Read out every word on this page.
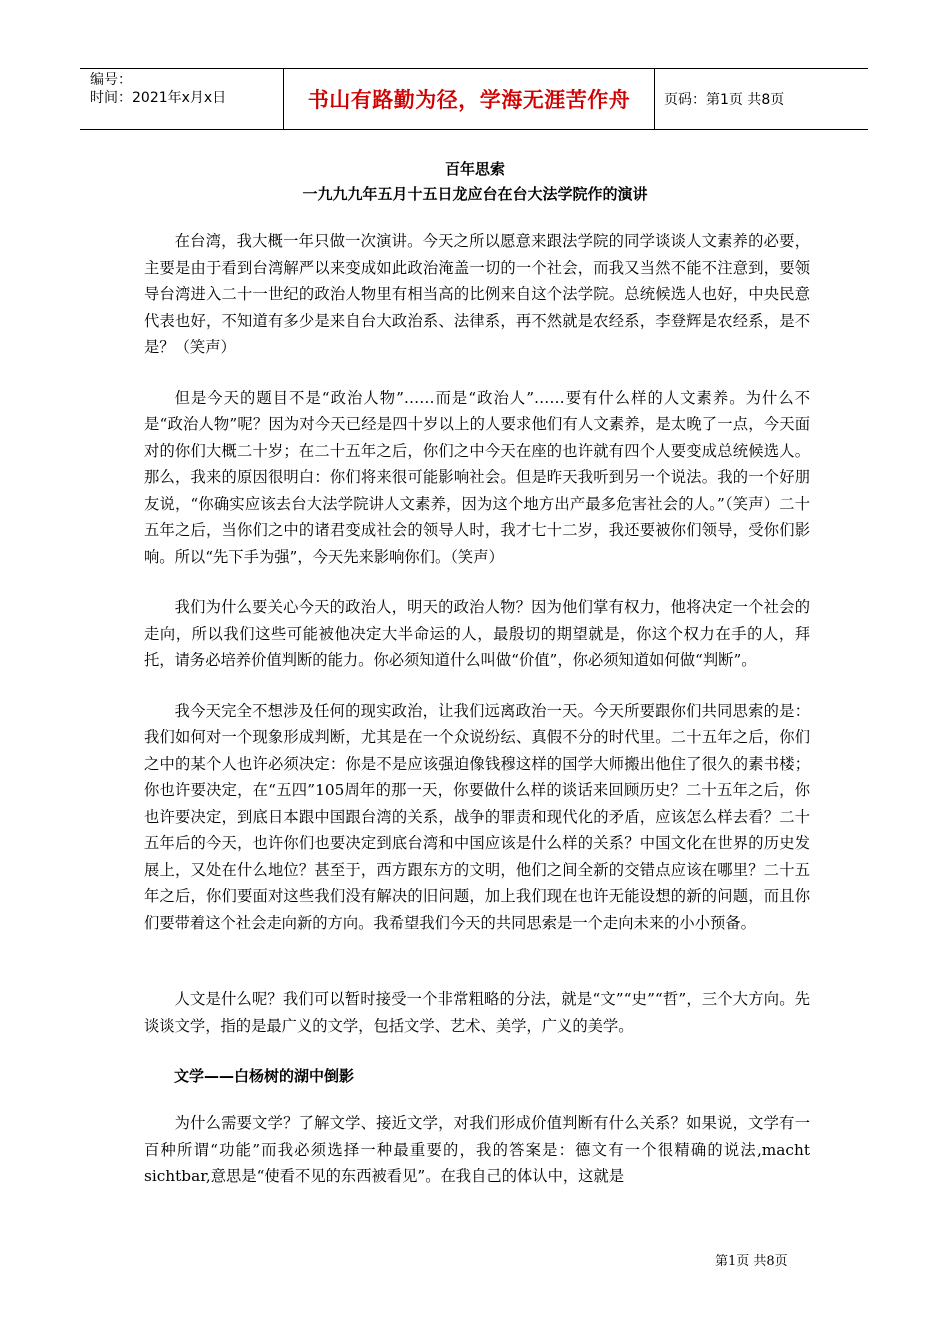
编号：
时间：2021年x月x日	书山有路勤为径，学海无涯苦作舟	页码：第1页 共8页
百年思索
一九九九年五月十五日龙应台在台大法学院作的演讲

在台湾，我大概一年只做一次演讲。今天之所以愿意来跟法学院的同学谈谈人文素养的必要，主要是由于看到台湾解严以来变成如此政治淹盖一切的一个社会，而我又当然不能不注意到，要领导台湾进入二十一世纪的政治人物里有相当高的比例来自这个法学院。总统候选人也好，中央民意代表也好，不知道有多少是来自台大政治系、法律系，再不然就是农经系，李登辉是农经系，是不是？（笑声）

但是今天的题目不是“政治人物”……而是“政治人”……要有什么样的人文素养。为什么不是“政治人物”呢？因为对今天已经是四十岁以上的人要求他们有人文素养，是太晚了一点，今天面对的你们大概二十岁；在二十五年之后，你们之中今天在座的也许就有四个人要变成总统候选人。那么，我来的原因很明白：你们将来很可能影响社会。但是昨天我听到另一个说法。我的一个好朋友说，“你确实应该去台大法学院讲人文素养，因为这个地方出产最多危害社会的人。”（笑声）二十五年之后，当你们之中的诸君变成社会的领导人时，我才七十二岁，我还要被你们领导，受你们影响。所以“先下手为强”，今天先来影响你们。（笑声）

我们为什么要关心今天的政治人，明天的政治人物？因为他们掌有权力，他将决定一个社会的走向，所以我们这些可能被他决定大半命运的人，最殷切的期望就是，你这个权力在手的人，拜托，请务必培养价值判断的能力。你必须知道什么叫做“价值”，你必须知道如何做“判断”。

我今天完全不想涉及任何的现实政治，让我们远离政治一天。今天所要跟你们共同思索的是：我们如何对一个现象形成判断，尤其是在一个众说纷纭、真假不分的时代里。二十五年之后，你们之中的某个人也许必须决定：你是不是应该强迫像钱穆这样的国学大师搬出他住了很久的素书楼；你也许要决定，在“五四”105周年的那一天，你要做什么样的谈话来回顾历史？二十五年之后，你也许要决定，到底日本跟中国跟台湾的关系，战争的罪责和现代化的矛盾，应该怎么样去看？二十五年后的今天，也许你们也要决定到底台湾和中国应该是什么样的关系？中国文化在世界的历史发展上，又处在什么地位？甚至于，西方跟东方的文明，他们之间全新的交错点应该在哪里？二十五年之后，你们要面对这些我们没有解决的旧问题，加上我们现在也许无能设想的新的问题，而且你们要带着这个社会走向新的方向。我希望我们今天的共同思索是一个走向未来的小小预备。

人文是什么呢？我们可以暂时接受一个非常粗略的分法，就是“文”“史”“哲”，三个大方向。先谈谈文学，指的是最广义的文学，包括文学、艺术、美学，广义的美学。

文学——白杨树的湖中倒影

为什么需要文学？了解文学、接近文学，对我们形成价值判断有什么关系？如果说，文学有一百种所谓“功能”而我必须选择一种最重要的，我的答案是：德文有一个很精确的说法,macht sichtbar,意思是“使看不见的东西被看见”。在我自己的体认中，这就是

第1页 共8页
